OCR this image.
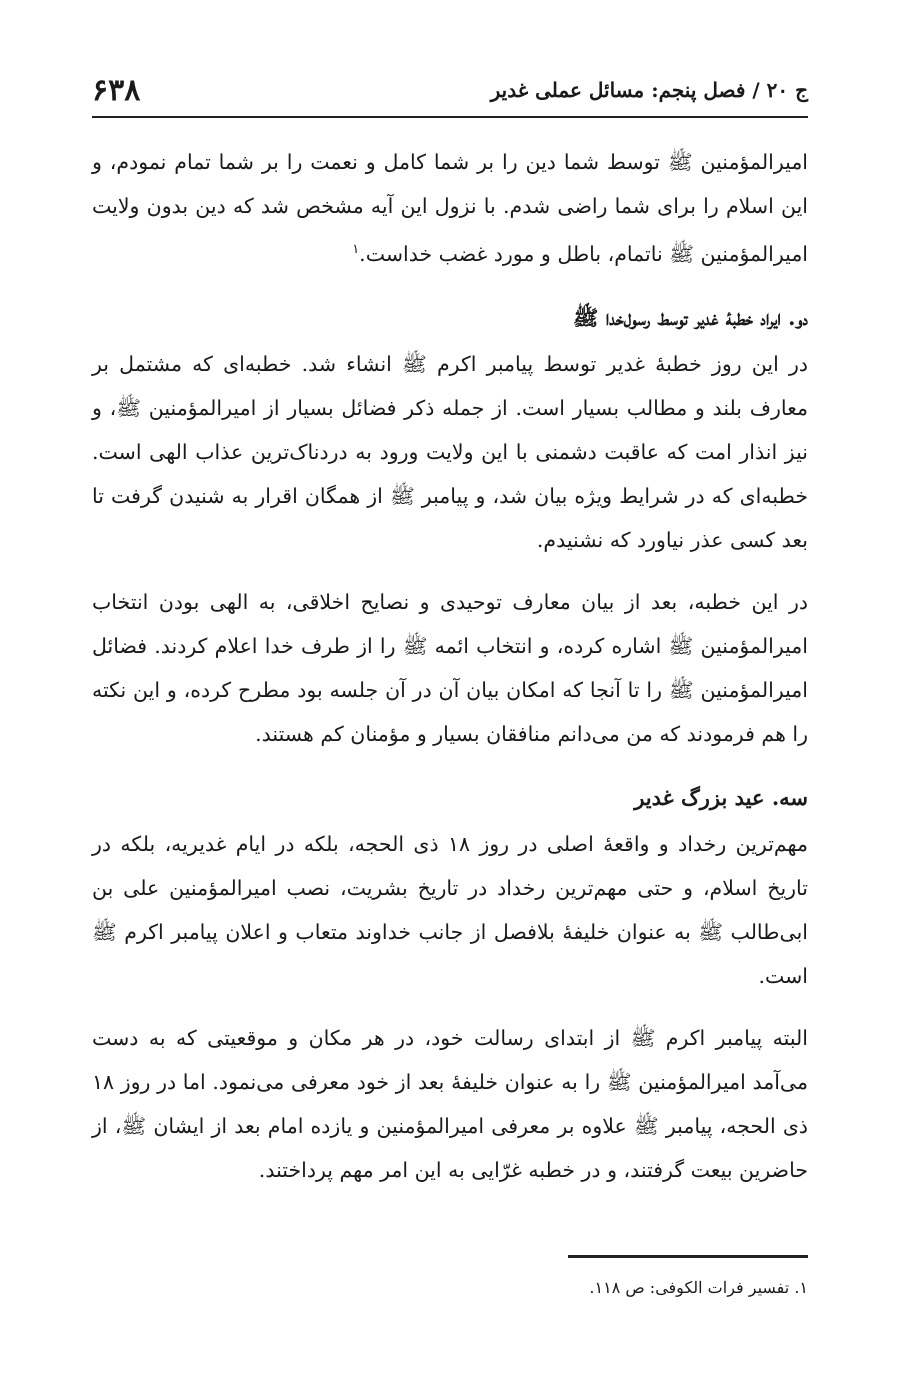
ج ۲۰ / فصل پنجم: مسائل عملی غدیر
۶۳۸

امیرالمؤمنین ﷺ توسط شما دین را بر شما کامل و نعمت را بر شما تمام نمودم، و این اسلام را برای شما راضی شدم. با نزول این آیه مشخص شد که دین بدون ولایت امیرالمؤمنین ﷺ ناتمام، باطل و مورد غضب خداست.$^۱$

دو. ایراد خطبهٔ غدیر توسط رسول‌خدا ﷺ

در این روز خطبهٔ غدیر توسط پیامبر اکرم ﷺ انشاء شد. خطبه‌ای که مشتمل بر معارف بلند و مطالب بسیار است. از جمله ذکر فضائل بسیار از امیرالمؤمنین ﷺ، و نیز انذار امت که عاقبت دشمنی با این ولایت ورود به دردناک‌ترین عذاب الهی است. خطبه‌ای که در شرایط ویژه بیان شد، و پیامبر ﷺ از همگان اقرار به شنیدن گرفت تا بعد کسی عذر نیاورد که نشنیدم.

در این خطبه، بعد از بیان معارف توحیدی و نصایح اخلاقی، به الهی بودن انتخاب امیرالمؤمنین ﷺ اشاره کرده، و انتخاب ائمه ﷺ را از طرف خدا اعلام کردند. فضائل امیرالمؤمنین ﷺ را تا آنجا که امکان بیان آن در آن جلسه بود مطرح کرده، و این نکته را هم فرمودند که من می‌دانم منافقان بسیار و مؤمنان کم هستند.

سه. عید بزرگ غدیر

مهم‌ترین رخداد و واقعهٔ اصلی در روز ۱۸ ذی الحجه، بلکه در ایام غدیریه، بلکه در تاریخ اسلام، و حتی مهم‌ترین رخداد در تاریخ بشریت، نصب امیرالمؤمنین علی بن ابی‌طالب ﷺ به عنوان خلیفهٔ بلافصل از جانب خداوند متعاب و اعلان پیامبر اکرم ﷺ است.

البته پیامبر اکرم ﷺ از ابتدای رسالت خود، در هر مکان و موقعیتی که به دست می‌آمد امیرالمؤمنین ﷺ را به عنوان خلیفهٔ بعد از خود معرفی می‌نمود. اما در روز ۱۸ ذی الحجه، پیامبر ﷺ علاوه بر معرفی امیرالمؤمنین و یازده امام بعد از ایشان ﷺ، از حاضرین بیعت گرفتند، و در خطبه غرّایی به این امر مهم پرداختند.

۱. تفسیر فرات الکوفی: ص ۱۱۸.
